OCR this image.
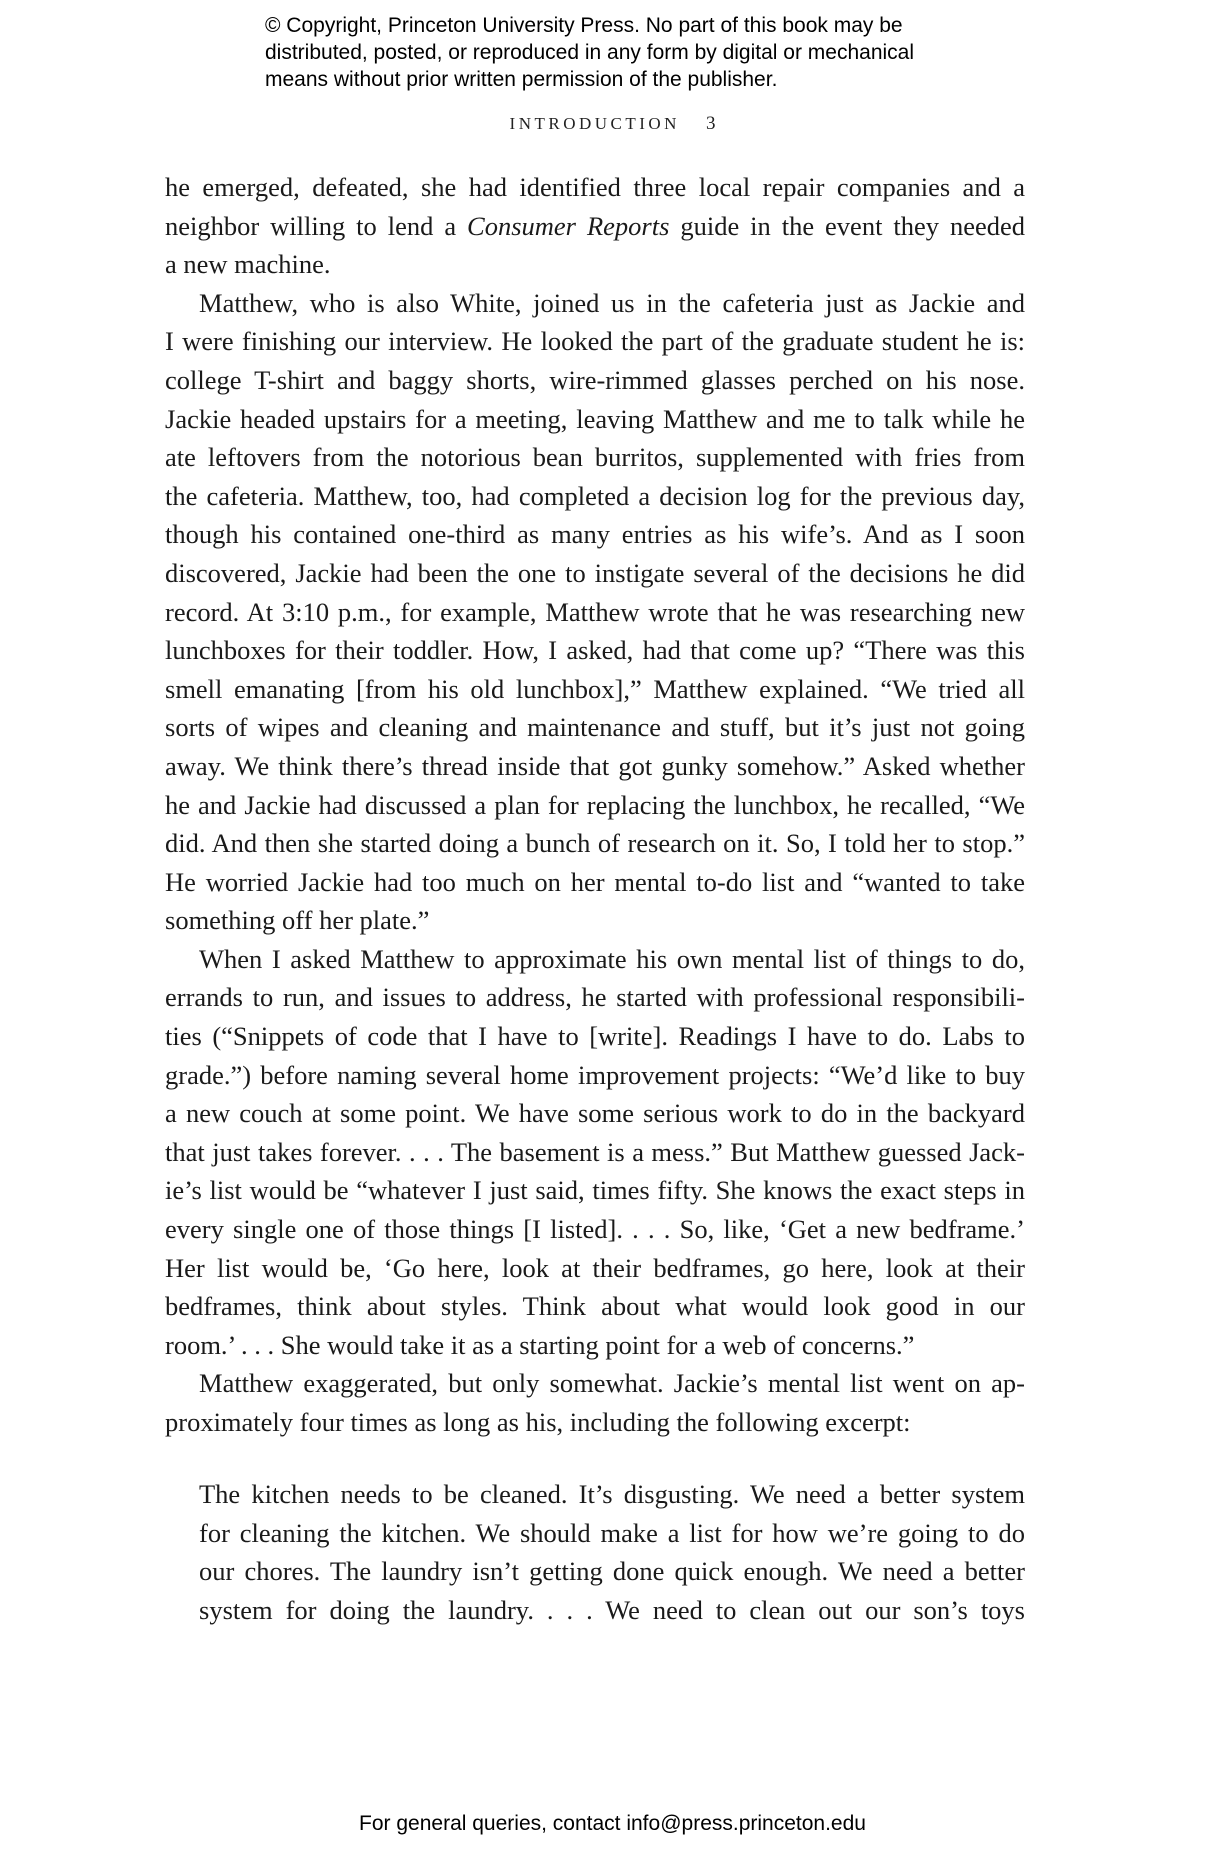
© Copyright, Princeton University Press. No part of this book may be
distributed, posted, or reproduced in any form by digital or mechanical
means without prior written permission of the publisher.
INTRODUCTION 3
he emerged, defeated, she had identified three local repair companies and a
neighbor willing to lend a Consumer Reports guide in the event they needed
a new machine.
Matthew, who is also White, joined us in the cafeteria just as Jackie and
I were finishing our interview. He looked the part of the graduate student he is:
college T-shirt and baggy shorts, wire-rimmed glasses perched on his nose.
Jackie headed upstairs for a meeting, leaving Matthew and me to talk while he
ate leftovers from the notorious bean burritos, supplemented with fries from
the cafeteria. Matthew, too, had completed a decision log for the previous day,
though his contained one-third as many entries as his wife’s. And as I soon
discovered, Jackie had been the one to instigate several of the decisions he did
record. At 3:10 p.m., for example, Matthew wrote that he was researching new
lunchboxes for their toddler. How, I asked, had that come up? “There was this
smell emanating [from his old lunchbox],” Matthew explained. “We tried all
sorts of wipes and cleaning and maintenance and stuff, but it’s just not going
away. We think there’s thread inside that got gunky somehow.” Asked whether
he and Jackie had discussed a plan for replacing the lunchbox, he recalled, “We
did. And then she started doing a bunch of research on it. So, I told her to stop.”
He worried Jackie had too much on her mental to-do list and “wanted to take
something off her plate.”
When I asked Matthew to approximate his own mental list of things to do,
errands to run, and issues to address, he started with professional responsibili-
ties (“Snippets of code that I have to [write]. Readings I have to do. Labs to
grade.”) before naming several home improvement projects: “We’d like to buy
a new couch at some point. We have some serious work to do in the backyard
that just takes forever. . . . The basement is a mess.” But Matthew guessed Jack-
ie’s list would be “whatever I just said, times fifty. She knows the exact steps in
every single one of those things [I listed]. . . . So, like, ‘Get a new bedframe.’
Her list would be, ‘Go here, look at their bedframes, go here, look at their
bedframes, think about styles. Think about what would look good in our
room.’ . . . She would take it as a starting point for a web of concerns.”
Matthew exaggerated, but only somewhat. Jackie’s mental list went on ap-
proximately four times as long as his, including the following excerpt:
The kitchen needs to be cleaned. It’s disgusting. We need a better system
for cleaning the kitchen. We should make a list for how we’re going to do
our chores. The laundry isn’t getting done quick enough. We need a better
system for doing the laundry. . . . We need to clean out our son’s toys
For general queries, contact info@press.princeton.edu
